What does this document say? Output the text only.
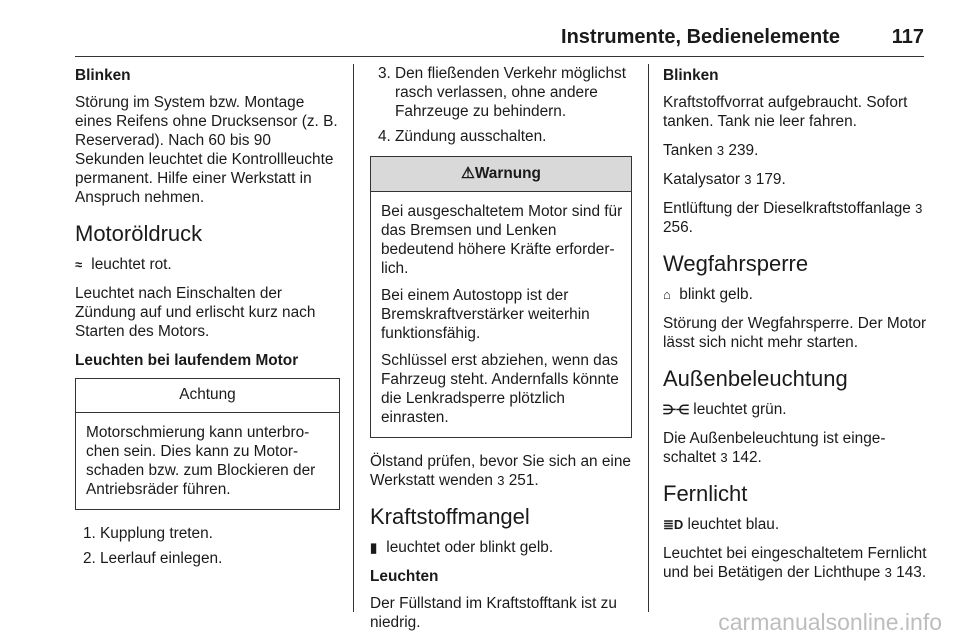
Instrumente, Bedienelemente	117
Blinken

Störung im System bzw. Montage eines Reifens ohne Drucksensor (z. B. Reserverad). Nach 60 bis 90 Sekunden leuchtet die Kontrollleuchte permanent. Hilfe einer Werkstatt in Anspruch nehmen.

Motoröldruck

≈ leuchtet rot.

Leuchtet nach Einschalten der Zündung auf und erlischt kurz nach Starten des Motors.

Leuchten bei laufendem Motor
Achtung

Motorschmierung kann unterbrochen sein. Dies kann zu Motorschaden bzw. zum Blockieren der Antriebsräder führen.

1. Kupplung treten.
2. Leerlauf einlegen.
3. Den fließenden Verkehr möglichst rasch verlassen, ohne andere Fahrzeuge zu behindern.
4. Zündung ausschalten.
⚠Warnung

Bei ausgeschaltetem Motor sind für das Bremsen und Lenken bedeutend höhere Kräfte erforderlich.

Bei einem Autostopp ist der Bremskraftverstärker weiterhin funktionsfähig.

Schlüssel erst abziehen, wenn das Fahrzeug steht. Andernfalls könnte die Lenkradsperre plötzlich einrasten.

Ölstand prüfen, bevor Sie sich an eine Werkstatt wenden 3 251.

Kraftstoffmangel

▮ leuchtet oder blinkt gelb.

Leuchten

Der Füllstand im Kraftstofftank ist zu niedrig.

Blinken

Kraftstoffvorrat aufgebraucht. Sofort tanken. Tank nie leer fahren.

Tanken 3 239.

Katalysator 3 179.

Entlüftung der Dieselkraftstoffanlage 3 256.

Wegfahrsperre

⌂ blinkt gelb.

Störung der Wegfahrsperre. Der Motor lässt sich nicht mehr starten.

Außenbeleuchtung

⋺⋲ leuchtet grün.

Die Außenbeleuchtung ist eingeschaltet 3 142.

Fernlicht

≣D leuchtet blau.

Leuchtet bei eingeschaltetem Fernlicht und bei Betätigen der Lichthupe 3 143.

carmanualsonline.info
